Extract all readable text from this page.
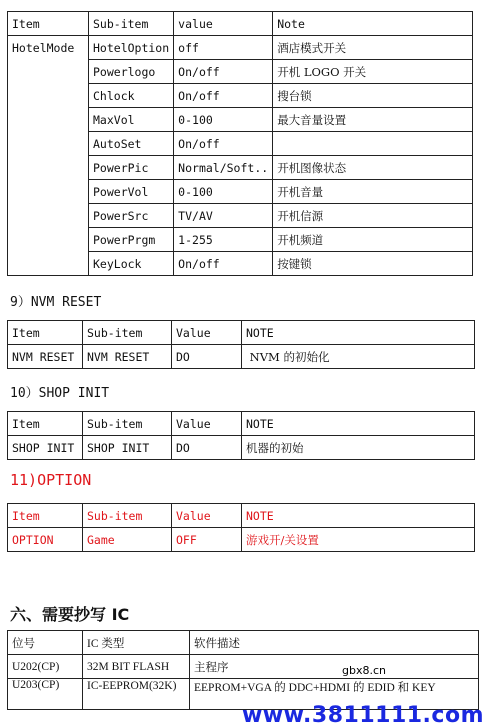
Item	Sub-item	value	Note
HotelMode	HotelOption	off	酒店模式开关
	Powerlogo	On/off	开机 LOGO 开关
	Chlock	On/off	搜台锁
	MaxVol	0-100	最大音量设置
	AutoSet	On/off	
	PowerPic	Normal/Soft..	开机图像状态
	PowerVol	0-100	开机音量
	PowerSrc	TV/AV	开机信源
	PowerPrgm	1-255	开机频道
	KeyLock	On/off	按键锁
9）NVM RESET
Item	Sub-item	Value	NOTE
NVM RESET	NVM RESET	DO	NVM 的初始化
10）SHOP INIT
Item	Sub-item	Value	NOTE
SHOP INIT	SHOP INIT	DO	机器的初始
11)OPTION
Item	Sub-item	Value	NOTE
OPTION	Game	OFF	游戏开/关设置
六、需要抄写 IC
位号	IC 类型	软件描述
U202(CP)	32M BIT FLASH	主程序
U203(CP)	IC-EEPROM(32K)	EEPROM+VGA 的 DDC+HDMI 的 EDID 和 KEY
gbx8.cn
www.3811111.com
